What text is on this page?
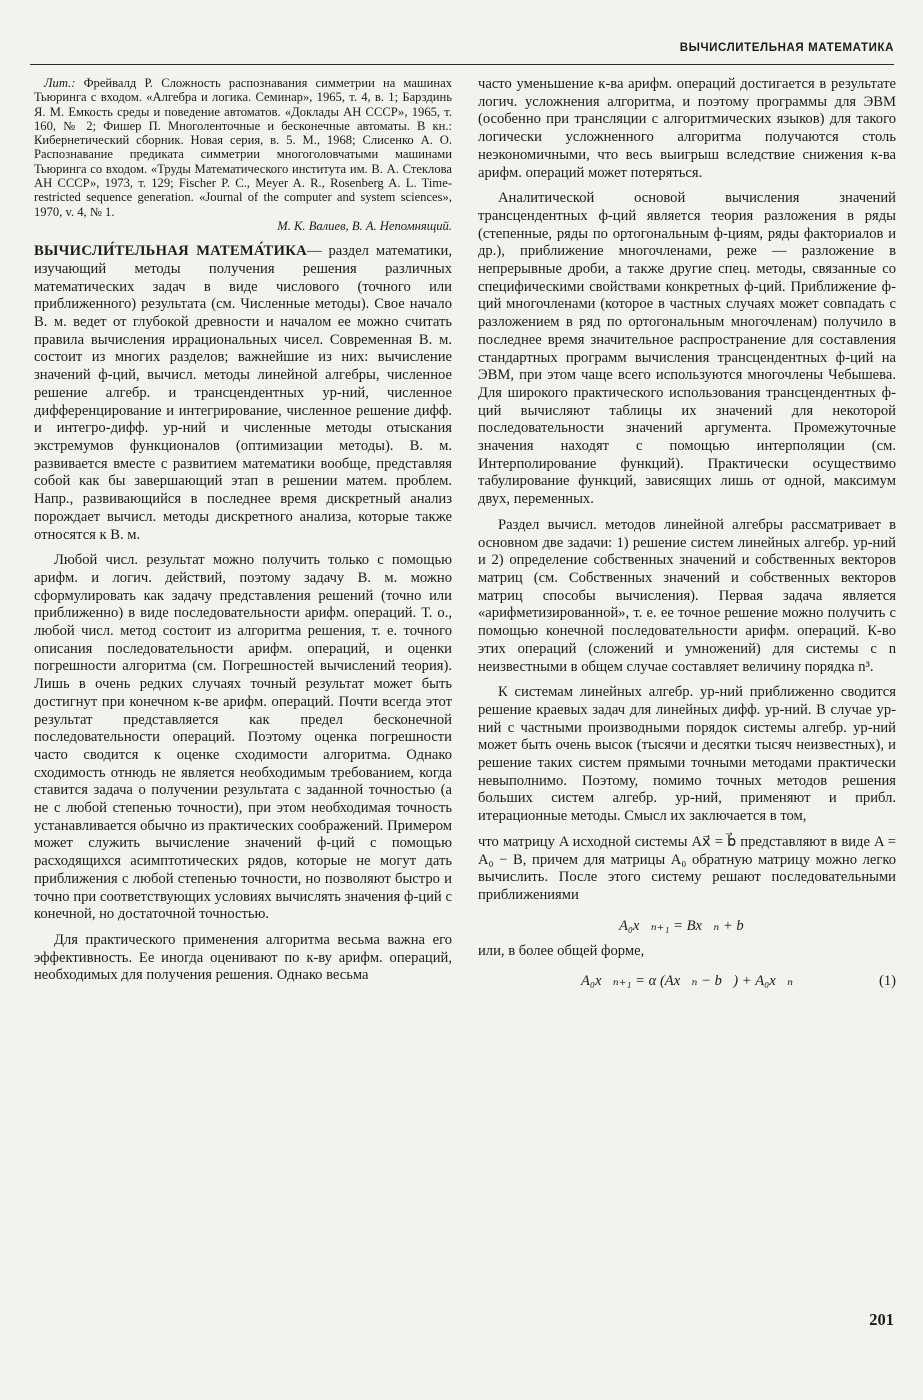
ВЫЧИСЛИТЕЛЬНАЯ МАТЕМАТИКА

Лит.: Фрейвалд Р. Сложность распознавания симметрии на машинах Тьюринга с входом. «Алгебра и логика. Семинар», 1965, т. 4, в. 1; Барздинь Я. М. Емкость среды и поведение автоматов. «Доклады АН СССР», 1965, т. 160, № 2; Фишер П. Многоленточные и бесконечные автоматы. В кн.: Кибернетический сборник. Новая серия, в. 5. М., 1968; Слисенко А. О. Распознавание предиката симметрии многоголовчатыми машинами Тьюринга со входом. «Труды Математического института им. В. А. Стеклова АН СССР», 1973, т. 129; Fischer P. C., Meyer A. R., Rosenberg A. L. Time-restricted sequence generation. «Journal of the computer and system sciences», 1970, v. 4, № 1.
М. К. Валиев, В. А. Непомнящий.

ВЫЧИСЛИ́ТЕЛЬНАЯ МАТЕМА́ТИКА— раздел математики, изучающий методы получения решения различных математических задач в виде числового (точного или приближенного) результата (см. Численные методы). Свое начало В. м. ведет от глубокой древности и началом ее можно считать правила вычисления иррациональных чисел. Современная В. м. состоит из многих разделов; важнейшие из них: вычисление значений ф-ций, вычисл. методы линейной алгебры, численное решение алгебр. и трансцендентных ур-ний, численное дифференцирование и интегрирование, численное решение дифф. и интегро-дифф. ур-ний и численные методы отыскания экстремумов функционалов (оптимизации методы). В. м. развивается вместе с развитием математики вообще, представляя собой как бы завершающий этап в решении матем. проблем. Напр., развивающийся в последнее время дискретный анализ порождает вычисл. методы дискретного анализа, которые также относятся к В. м.

Любой числ. результат можно получить только с помощью арифм. и логич. действий, поэтому задачу В. м. можно сформулировать как задачу представления решений (точно или приближенно) в виде последовательности арифм. операций. Т. о., любой числ. метод состоит из алгоритма решения, т. е. точного описания последовательности арифм. операций, и оценки погрешности алгоритма (см. Погрешностей вычислений теория). Лишь в очень редких случаях точный результат может быть достигнут при конечном к-ве арифм. операций. Почти всегда этот результат представляется как предел бесконечной последовательности операций. Поэтому оценка погрешности часто сводится к оценке сходимости алгоритма. Однако сходимость отнюдь не является необходимым требованием, когда ставится задача о получении результата с заданной точностью (а не с любой степенью точности), при этом необходимая точность устанавливается обычно из практических соображений. Примером может служить вычисление значений ф-ций с помощью расходящихся асимптотических рядов, которые не могут дать приближения с любой степенью точности, но позволяют быстро и точно при соответствующих условиях вычислять значения ф-ций с конечной, но достаточной точностью.

Для практического применения алгоритма весьма важна его эффективность. Ее иногда оценивают по к-ву арифм. операций, необходимых для получения решения. Однако весьма

часто уменьшение к-ва арифм. операций достигается в результате логич. усложнения алгоритма, и поэтому программы для ЭВМ (особенно при трансляции с алгоритмических языков) для такого логически усложненного алгоритма получаются столь неэкономичными, что весь выигрыш вследствие снижения к-ва арифм. операций может потеряться.

Аналитической основой вычисления значений трансцендентных ф-ций является теория разложения в ряды (степенные, ряды по ортогональным ф-циям, ряды факториалов и др.), приближение многочленами, реже — разложение в непрерывные дроби, а также другие спец. методы, связанные со специфическими свойствами конкретных ф-ций. Приближение ф-ций многочленами (которое в частных случаях может совпадать с разложением в ряд по ортогональным многочленам) получило в последнее время значительное распространение для составления стандартных программ вычисления трансцендентных ф-ций на ЭВМ, при этом чаще всего используются многочлены Чебышева. Для широкого практического использования трансцендентных ф-ций вычисляют таблицы их значений для некоторой последовательности значений аргумента. Промежуточные значения находят с помощью интерполяции (см. Интерполирование функций). Практически осуществимо табулирование функций, зависящих лишь от одной, максимум двух, переменных.

Раздел вычисл. методов линейной алгебры рассматривает в основном две задачи: 1) решение систем линейных алгебр. ур-ний и 2) определение собственных значений и собственных векторов матриц (см. Собственных значений и собственных векторов матриц способы вычисления). Первая задача является «арифметизированной», т. е. ее точное решение можно получить с помощью конечной последовательности арифм. операций. К-во этих операций (сложений и умножений) для системы с n неизвестными в общем случае составляет величину порядка n³.

К системам линейных алгебр. ур-ний приближенно сводится решение краевых задач для линейных дифф. ур-ний. В случае ур-ний с частными производными порядок системы алгебр. ур-ний может быть очень высок (тысячи и десятки тысяч неизвестных), и решение таких систем прямыми точными методами практически невыполнимо. Поэтому, помимо точных методов решения больших систем алгебр. ур-ний, применяют и прибл. итерационные методы. Смысл их заключается в том,

что матрицу A исходной системы Ax⃗ = b⃗ представляют в виде A = A₀ − B, причем для матрицы A₀ обратную матрицу можно легко вычислить. После этого систему решают последовательными приближениями

A₀x⃗ₙ₊₁ = Bx⃗ₙ + b⃗

или, в более общей форме,

A₀x⃗ₙ₊₁ = α (Ax⃗ₙ − b⃗) + A₀x⃗ₙ	(1)
201
